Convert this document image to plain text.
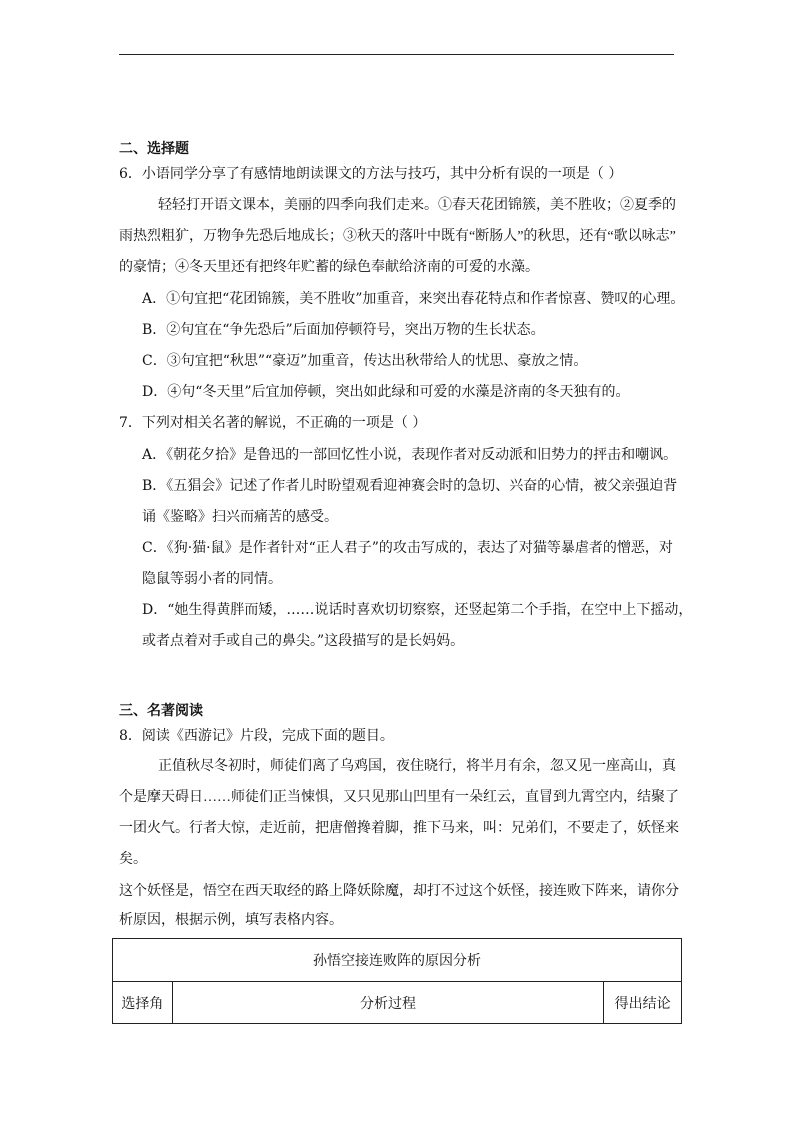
二、选择题
6．小语同学分享了有感情地朗读课文的方法与技巧，其中分析有误的一项是（ ）
轻轻打开语文课本，美丽的四季向我们走来。①春天花团锦簇，美不胜收；②夏季的
雨热烈粗犷，万物争先恐后地成长；③秋天的落叶中既有“断肠人”的秋思，还有“歌以咏志”
的豪情；④冬天里还有把终年贮蓄的绿色奉献给济南的可爱的水藻。
A．①句宜把“花团锦簇，美不胜收”加重音，来突出春花特点和作者惊喜、赞叹的心理。
B．②句宜在“争先恐后”后面加停顿符号，突出万物的生长状态。
C．③句宜把“秋思”“豪迈”加重音，传达出秋带给人的忧思、豪放之情。
D．④句“冬天里”后宜加停顿，突出如此绿和可爱的水藻是济南的冬天独有的。
7．下列对相关名著的解说，不正确的一项是（ ）
A．《朝花夕拾》是鲁迅的一部回忆性小说，表现作者对反动派和旧势力的抨击和嘲讽。
B．《五猖会》记述了作者儿时盼望观看迎神赛会时的急切、兴奋的心情，被父亲强迫背
诵《鉴略》扫兴而痛苦的感受。
C．《狗·猫·鼠》是作者针对“正人君子”的攻击写成的，表达了对猫等暴虐者的憎恶，对
隐鼠等弱小者的同情。
D．“她生得黄胖而矮，……说话时喜欢切切察察，还竖起第二个手指，在空中上下摇动，
或者点着对手或自己的鼻尖。”这段描写的是长妈妈。
三、名著阅读
8．阅读《西游记》片段，完成下面的题目。
正值秋尽冬初时，师徒们离了乌鸡国，夜住晓行，将半月有余，忽又见一座高山，真
个是摩天碍日……师徒们正当悚惧，又只见那山凹里有一朵红云，直冒到九霄空内，结聚了
一团火气。行者大惊，走近前，把唐僧搀着脚，推下马来，叫：兄弟们，不要走了，妖怪来
矣。
这个妖怪是，悟空在西天取经的路上降妖除魔，却打不过这个妖怪，接连败下阵来，请你分
析原因，根据示例，填写表格内容。
孙悟空接连败阵的原因分析
选择角	分析过程	得出结论
